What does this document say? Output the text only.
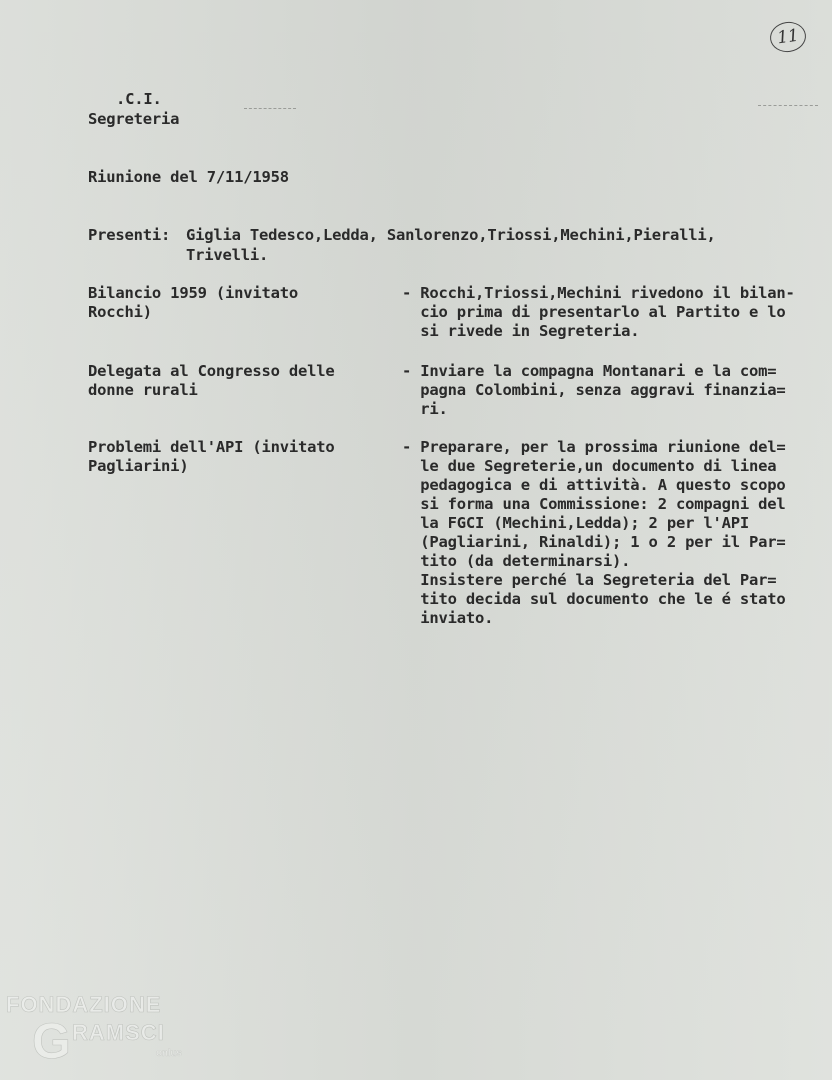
11
.C.I.
Segreteria
Riunione del 7/11/1958
Presenti: Giglia Tedesco,Ledda, Sanlorenzo,Triossi,Mechini,Pieralli,
Trivelli.
Bilancio 1959 (invitato
Rocchi)
- Rocchi,Triossi,Mechini rivedono il bilan-
cio prima di presentarlo al Partito e lo
si rivede in Segreteria.
Delegata al Congresso delle
donne rurali
- Inviare la compagna Montanari e la com=
pagna Colombini, senza aggravi finanzia=
ri.
Problemi dell'API (invitato
Pagliarini)
- Preparare, per la prossima riunione del=
le due Segreterie,un documento di linea
pedagogica e di attività. A questo scopo
si forma una Commissione: 2 compagni del
la FGCI (Mechini,Ledda); 2 per l'API
(Pagliarini, Rinaldi); 1 o 2 per il Par=
tito (da determinarsi).
Insistere perché la Segreteria del Par=
tito decida sul documento che le é stato
inviato.
FONDAZIONE
G RAMSCI
onlus
